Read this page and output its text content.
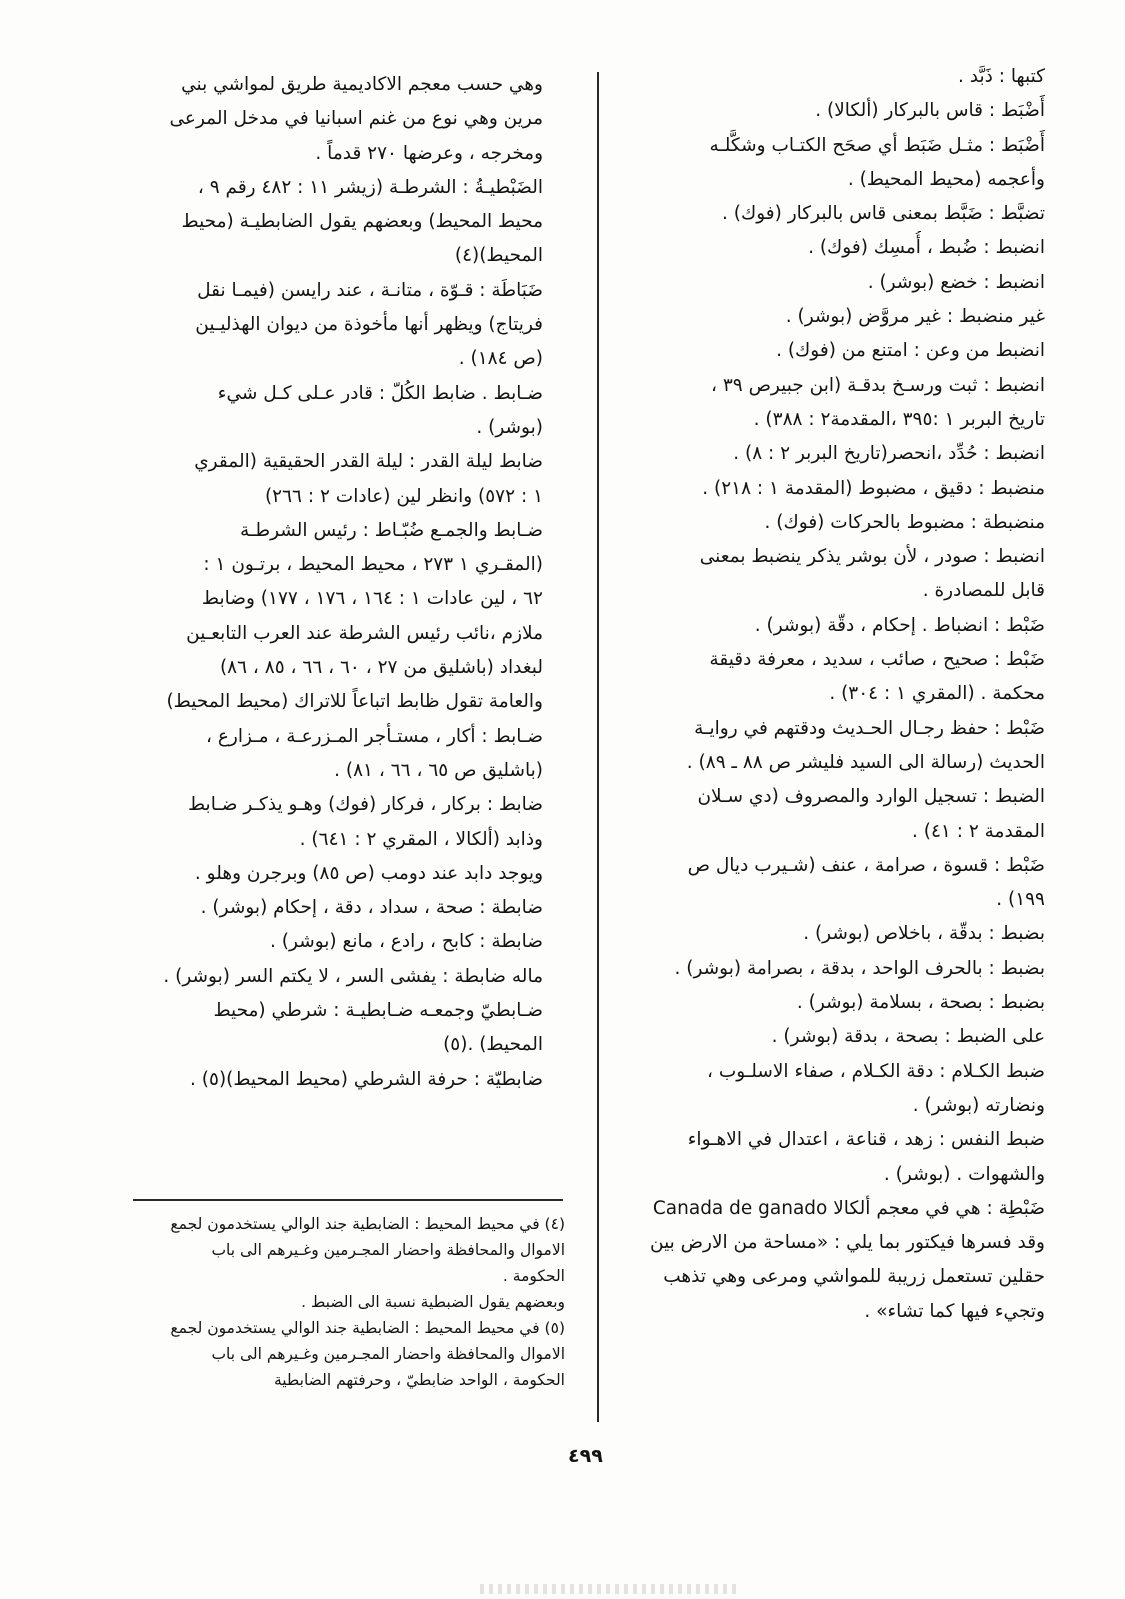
كتبها : ذَبَّد .
أَضْبَط : قاس بالبركار (ألكالا) .
أَضْبَط : مثـل ضَبَط أي صحَح الكتـاب وشكَّلـه
وأعجمه (محيط المحيط) .
تضبَّط : ضَبَّط بمعنى قاس بالبركار (فوك) .
انضبط : ضُبط ، أُمسِك (فوك) .
انضبط : خضع (بوشر) .
غير منضبط : غير مروَّض (بوشر) .
انضبط من وعن : امتنع من (فوك) .
انضبط : ثبت ورسـخ بدقـة (ابن جبيرص ٣٩ ،
تاريخ البربر ١ :٣٩٥ ،المقدمة٢ : ٣٨٨) .
انضبط : حُدِّد ،انحصر(تاريخ البربر ٢ : ٨) .
منضبط : دقيق ، مضبوط (المقدمة ١ : ٢١٨) .
منضبطة : مضبوط بالحركات (فوك) .
انضبط : صودر ، لأن بوشر يذكر ينضبط بمعنى
قابل للمصادرة .
ضَبْط : انضباط . إحكام ، دقّة (بوشر) .
ضَبْط : صحيح ، صائب ، سديد ، معرفة دقيقة
محكمة . (المقري ١ : ٣٠٤) .
ضَبْط : حفظ رجـال الحـديث ودقتهم في روايـة
الحديث (رسالة الى السيد فليشر ص ٨٨ ـ ٨٩) .
الضبط : تسجيل الوارد والمصروف (دي سـلان
المقدمة ٢ : ٤١) .
ضَبْط : قسوة ، صرامة ، عنف (شـيرب ديال ص
١٩٩) .
بضبط : بدقّة ، باخلاص (بوشر) .
بضبط : بالحرف الواحد ، بدقة ، بصرامة (بوشر) .
بضبط : بصحة ، بسلامة (بوشر) .
على الضبط : بصحة ، بدقة (بوشر) .
ضبط الكـلام : دقة الكـلام ، صفاء الاسلـوب ،
ونضارته (بوشر) .
ضبط النفس : زهد ، قناعة ، اعتدال في الاهـواء
والشهوات . (بوشر) .
ضَبْطِة : هي في معجم ألكالا Canada de ganado
وقد فسرها فيكتور بما يلي : «مساحة من الارض بين
حقلين تستعمل زريبة للمواشي ومرعى وهي تذهب
وتجيء فيها كما تشاء» .
وهي حسب معجم الاكاديمية طريق لمواشي بني
مرين وهي نوع من غنم اسبانيا في مدخل المرعى
ومخرجه ، وعرضها ٢٧٠ قدماً .
الضَبْطيـةُ : الشرطـة (زيشر ١١ : ٤٨٢ رقم ٩ ،
محيط المحيط) وبعضهم يقول الضابطيـة (محيط
المحيط)(٤)
ضَبَاطَة : قـوّة ، متانـة ، عند رايسن (فيمـا نقل
فريتاج) ويظهر أنها مأخوذة من ديوان الهذليـين
(ص ١٨٤) .
ضـابط . ضابط الكُلّ : قادر عـلى كـل شيء
(بوشر) .
ضابط ليلة القدر : ليلة القدر الحقيقية (المقري
١ : ٥٧٢) وانظر لين (عادات ٢ : ٢٦٦)
ضـابط والجمـع ضُبّـاط : رئيس الشرطـة
(المقـري ١ ٢٧٣ ، محيط المحيط ، برتـون ١ :
٦٢ ، لين عادات ١ : ١٦٤ ، ١٧٦ ، ١٧٧) وضابط
ملازم ،نائب رئيس الشرطة عند العرب التابعـين
لبغداد (باشليق من ٢٧ ، ٦٠ ، ٦٦ ، ٨٥ ، ٨٦)
والعامة تقول ظابط اتباعاً للاتراك (محيط المحيط)
ضـابط : أكار ، مستـأجر المـزرعـة ، مـزارع ،
(باشليق ص ٦٥ ، ٦٦ ، ٨١) .
ضابط : بركار ، فركار (فوك) وهـو يذكـر ضـابط
وذابد (ألكالا ، المقري ٢ : ٦٤١) .
ويوجد دابد عند دومب (ص ٨٥) وبرجرن وهلو .
ضابطة : صحة ، سداد ، دقة ، إحكام (بوشر) .
ضابطة : كابح ، رادع ، مانع (بوشر) .
ماله ضابطة : يفشى السر ، لا يكتم السر (بوشر) .
ضـابطيّ وجمعـه ضـابطيـة : شرطي (محيط
المحيط) .(٥)
ضابطيّة : حرفة الشرطي (محيط المحيط)(٥) .
(٤) في محيط المحيط : الضابطية جند الوالي يستخدمون لجمع
الاموال والمحافظة واحضار المجـرمين وغـيرهم الى باب
الحكومة .
وبعضهم يقول الضبطية نسبة الى الضبط .
(٥) في محيط المحيط : الضابطية جند الوالي يستخدمون لجمع
الاموال والمحافظة واحضار المجـرمين وغـيرهم الى باب
الحكومة ، الواحد ضابطيّ ، وحرفتهم الضابطية
٤٩٩
